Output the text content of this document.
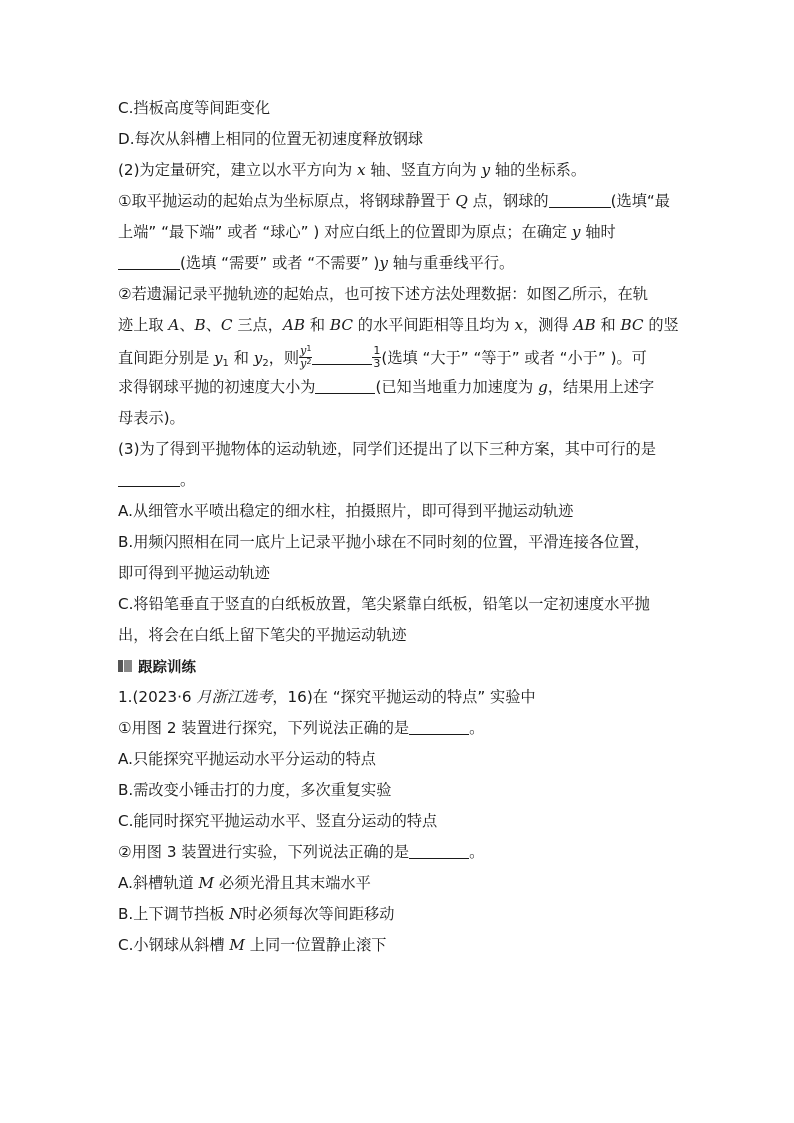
C.挡板高度等间距变化

D.每次从斜槽上相同的位置无初速度释放钢球

(2)为定量研究，建立以水平方向为 x 轴、竖直方向为 y 轴的坐标系。

①取平抛运动的起始点为坐标原点，将钢球静置于 Q 点，钢球的	(选填“最

上端” “最下端” 或者 “球心” ) 对应白纸上的位置即为原点；在确定 y 轴时

(选填 “需要” 或者 “不需要” )y 轴与重垂线平行。

②若遗漏记录平抛轨迹的起始点，也可按下述方法处理数据：如图乙所示，在轨

迹上取 A、B、C 三点，AB 和 BC 的水平间距相等且均为 x，测得 AB 和 BC 的竖

直间距分别是 $y_1$ 和 $y_2$，则 $\frac{y^1}{y^2}$	$\frac{1}{3}$ (选填 “大于” “等于” 或者 “小于” )。可

求得钢球平抛的初速度大小为	(已知当地重力加速度为 g，结果用上述字

母表示)。

(3)为了得到平抛物体的运动轨迹，同学们还提出了以下三种方案，其中可行的是

。

A.从细管水平喷出稳定的细水柱，拍摄照片，即可得到平抛运动轨迹

B.用频闪照相在同一底片上记录平抛小球在不同时刻的位置，平滑连接各位置，

即可得到平抛运动轨迹

C.将铅笔垂直于竖直的白纸板放置，笔尖紧靠白纸板，铅笔以一定初速度水平抛

出，将会在白纸上留下笔尖的平抛运动轨迹

跟踪训练

1.(2023·6 月浙江选考，16)在 “探究平抛运动的特点” 实验中

①用图 2 装置进行探究，下列说法正确的是	。

A.只能探究平抛运动水平分运动的特点

B.需改变小锤击打的力度，多次重复实验

C.能同时探究平抛运动水平、竖直分运动的特点

②用图 3 装置进行实验，下列说法正确的是	。

A.斜槽轨道 M 必须光滑且其末端水平

B.上下调节挡板 N时必须每次等间距移动

C.小钢球从斜槽 M 上同一位置静止滚下
